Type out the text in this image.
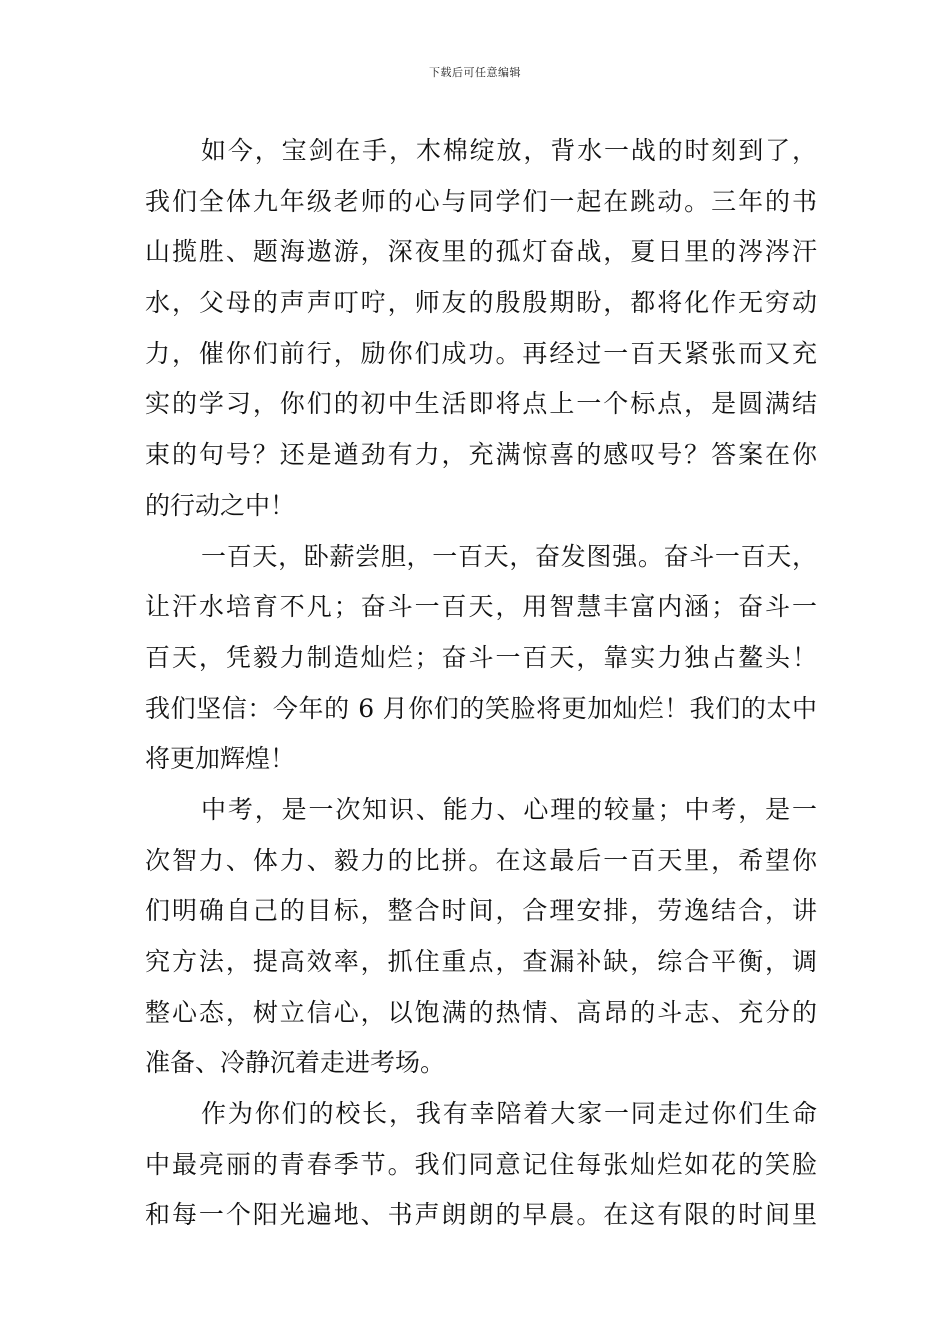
下载后可任意编辑
如今，宝剑在手，木棉绽放，背水一战的时刻到了，
我们全体九年级老师的心与同学们一起在跳动。三年的书
山揽胜、题海遨游，深夜里的孤灯奋战，夏日里的涔涔汗
水，父母的声声叮咛，师友的殷殷期盼，都将化作无穷动
力，催你们前行，励你们成功。再经过一百天紧张而又充
实的学习，你们的初中生活即将点上一个标点，是圆满结
束的句号？还是遒劲有力，充满惊喜的感叹号？答案在你
的行动之中！
一百天，卧薪尝胆，一百天，奋发图强。奋斗一百天，
让汗水培育不凡；奋斗一百天，用智慧丰富内涵；奋斗一
百天，凭毅力制造灿烂；奋斗一百天，靠实力独占鳌头！
我们坚信：今年的 6 月你们的笑脸将更加灿烂！我们的太中
将更加辉煌！
中考，是一次知识、能力、心理的较量；中考，是一
次智力、体力、毅力的比拼。在这最后一百天里，希望你
们明确自己的目标，整合时间，合理安排，劳逸结合，讲
究方法，提高效率，抓住重点，查漏补缺，综合平衡，调
整心态，树立信心，以饱满的热情、高昂的斗志、充分的
准备、冷静沉着走进考场。
作为你们的校长，我有幸陪着大家一同走过你们生命
中最亮丽的青春季节。我们同意记住每张灿烂如花的笑脸
和每一个阳光遍地、书声朗朗的早晨。在这有限的时间里
